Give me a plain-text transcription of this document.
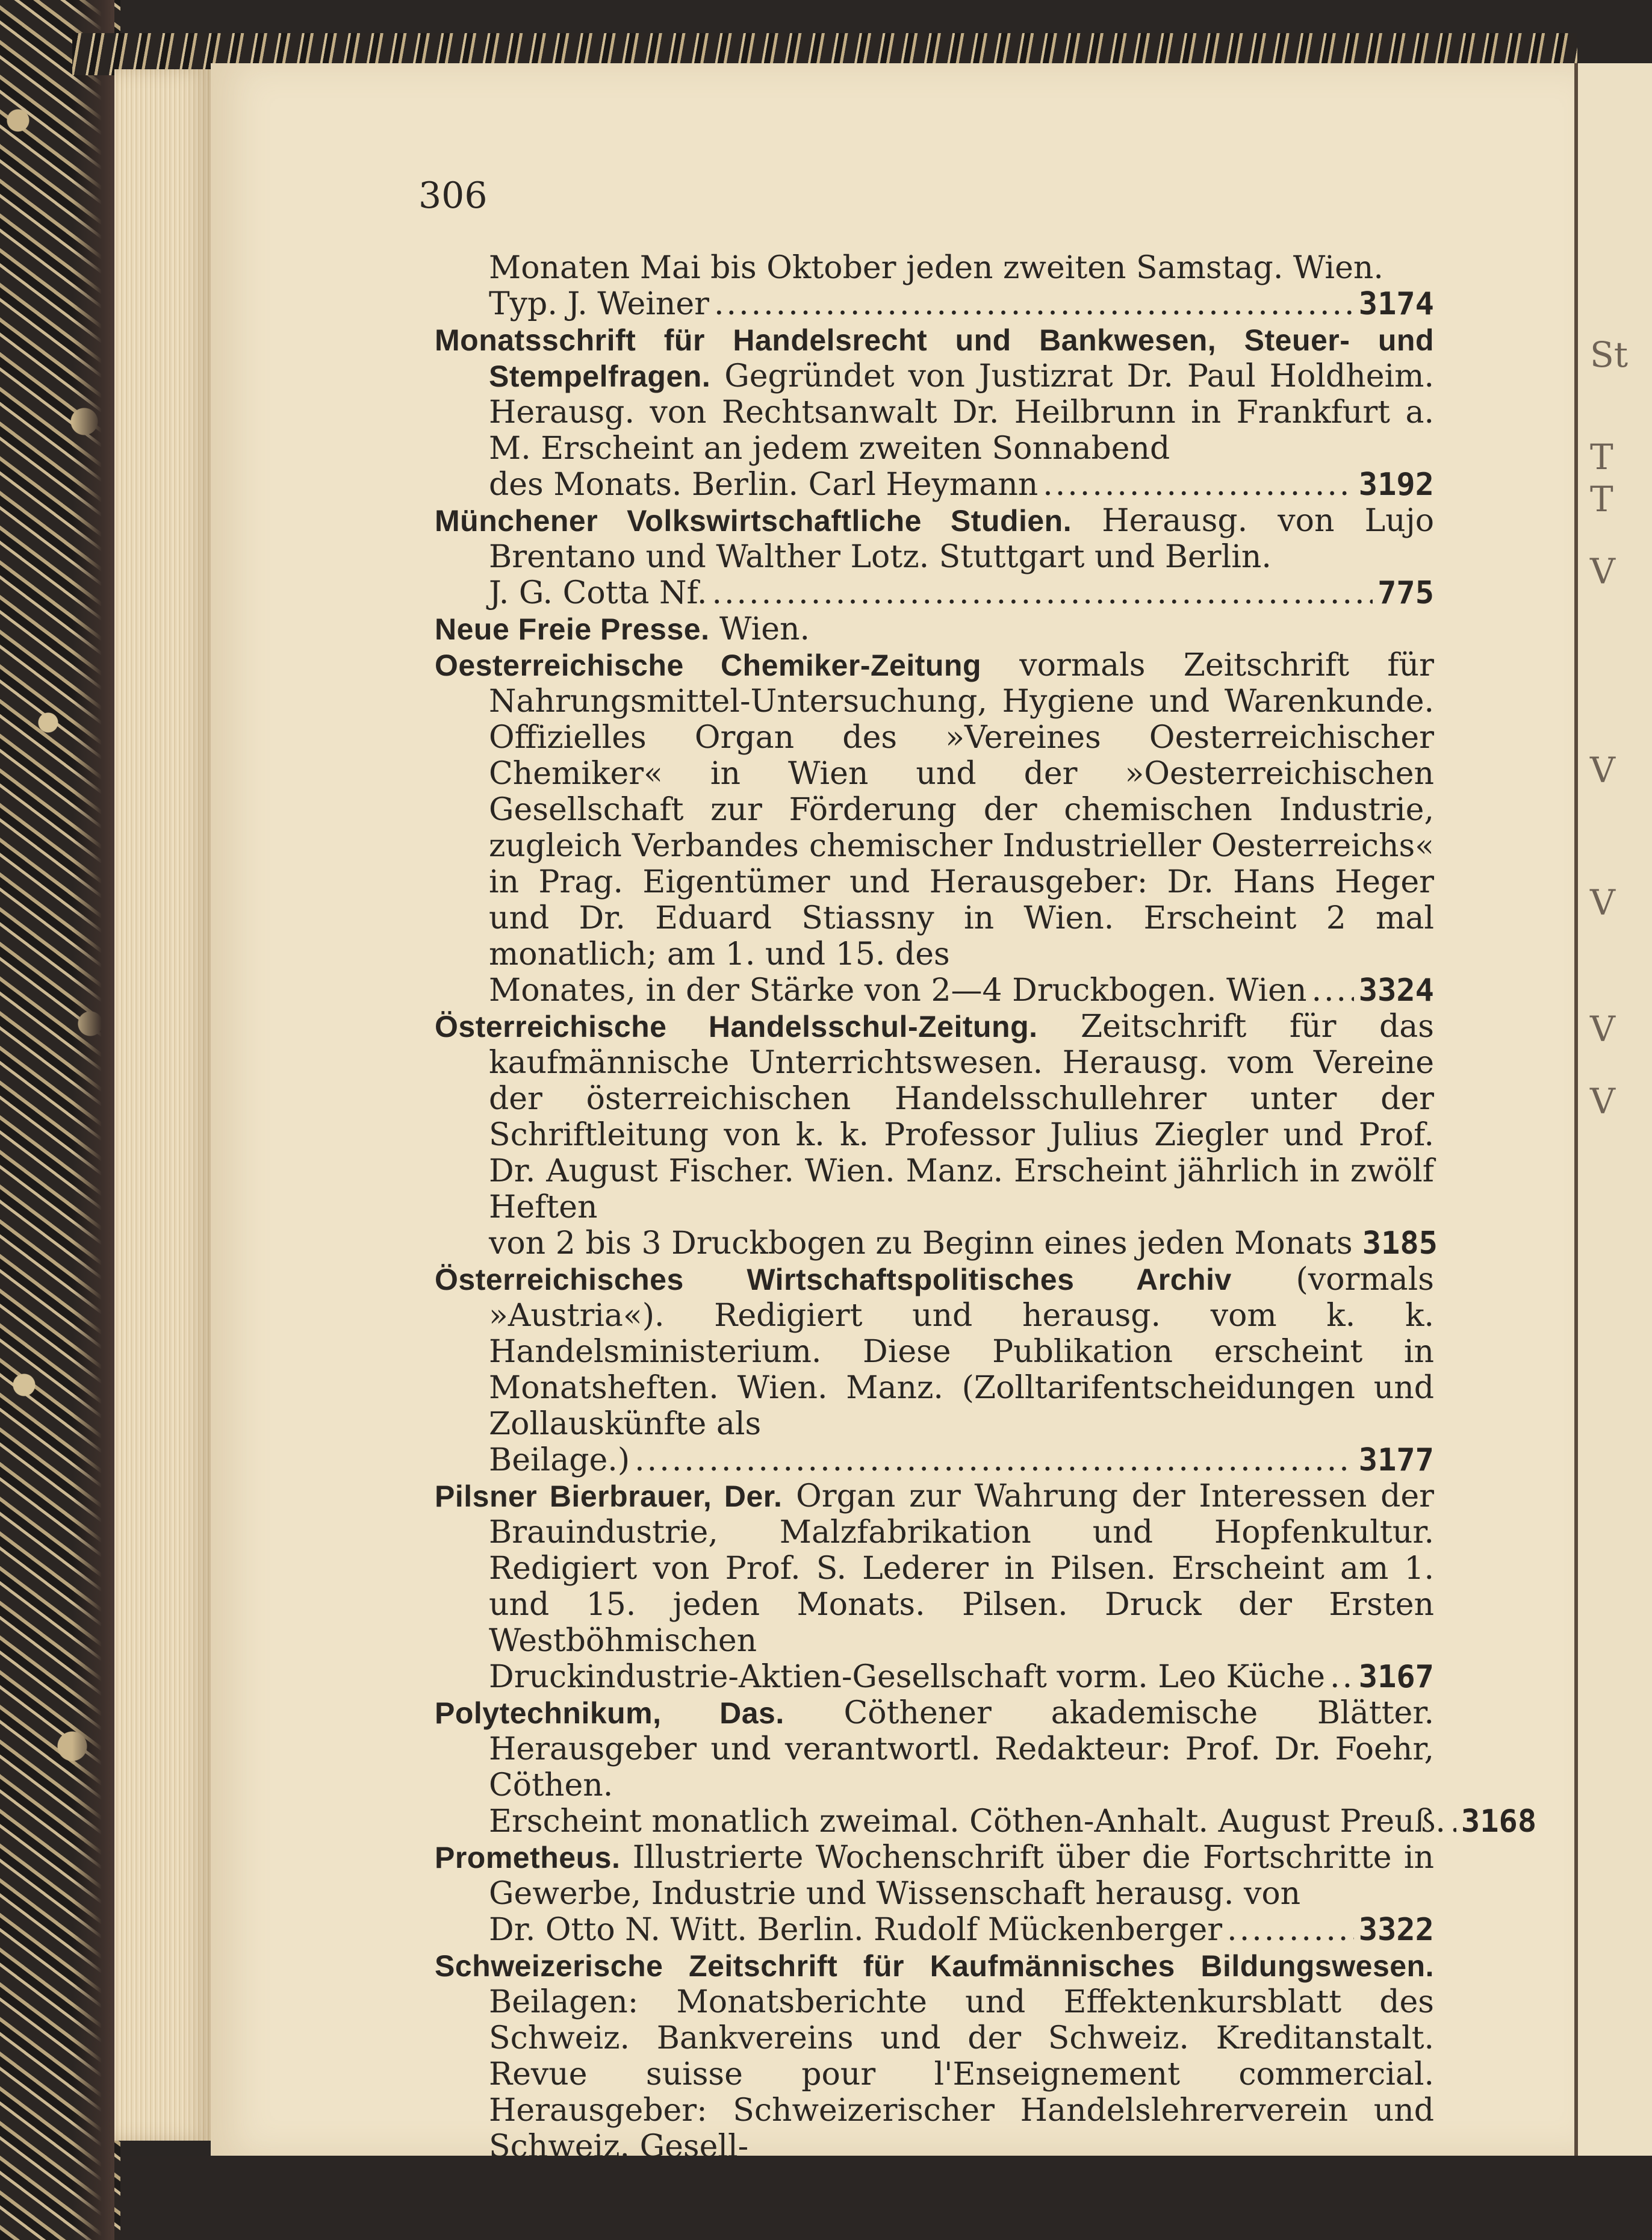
St
T
T
V
V
V
V
V
306
Monaten Mai bis Oktober jeden zweiten Samstag. Wien.
Typ. J. Weiner .....	3174
Monatsschrift für Handelsrecht und Bankwesen, Steuer- und Stempelfragen. Gegründet von Justizrat Dr. Paul Holdheim. Herausg. von Rechtsanwalt Dr. Heilbrunn in Frankfurt a. M. Erscheint an jedem zweiten Sonnabend
des Monats. Berlin. Carl Heymann .....	3192
Münchener Volkswirtschaftliche Studien. Herausg. von Lujo Brentano und Walther Lotz. Stuttgart und Berlin.
J. G. Cotta Nf. .....	775
Neue Freie Presse. Wien.
Oesterreichische Chemiker-Zeitung vormals Zeitschrift für Nahrungsmittel-Untersuchung, Hygiene und Warenkunde. Offizielles Organ des »Vereines Oesterreichischer Chemiker« in Wien und der »Oesterreichischen Gesellschaft zur Förderung der chemischen Industrie, zugleich Verbandes chemischer Industrieller Oesterreichs« in Prag. Eigentümer und Herausgeber: Dr. Hans Heger und Dr. Eduard Stiassny in Wien. Erscheint 2 mal monatlich; am 1. und 15. des
Monates, in der Stärke von 2—4 Druckbogen. Wien ..... 3324
Österreichische Handelsschul-Zeitung. Zeitschrift für das kaufmännische Unterrichtswesen. Herausg. vom Vereine der österreichischen Handelsschullehrer unter der Schriftleitung von k. k. Professor Julius Ziegler und Prof. Dr. August Fischer. Wien. Manz. Erscheint jährlich in zwölf Heften
von 2 bis 3 Druckbogen zu Beginn eines jeden Monats 3185
Österreichisches Wirtschaftspolitisches Archiv (vormals »Austria«). Redigiert und herausg. vom k. k. Handelsministerium. Diese Publikation erscheint in Monatsheften. Wien. Manz. (Zolltarifentscheidungen und Zollauskünfte als
Beilage.) .....	3177
Pilsner Bierbrauer, Der. Organ zur Wahrung der Interessen der Brauindustrie, Malzfabrikation und Hopfenkultur. Redigiert von Prof. S. Lederer in Pilsen. Erscheint am 1. und 15. jeden Monats. Pilsen. Druck der Ersten Westböhmischen
Druckindustrie-Aktien-Gesellschaft vorm. Leo Küche ..... 3167
Polytechnikum, Das. Cöthener akademische Blätter. Herausgeber und verantwortl. Redakteur: Prof. Dr. Foehr, Cöthen.
Erscheint monatlich zweimal. Cöthen-Anhalt. August Preuß. ..... 3168
Prometheus. Illustrierte Wochenschrift über die Fortschritte in Gewerbe, Industrie und Wissenschaft herausg. von
Dr. Otto N. Witt. Berlin. Rudolf Mückenberger .....	3322
Schweizerische Zeitschrift für Kaufmännisches Bildungswesen. Beilagen: Monatsberichte und Effektenkursblatt des Schweiz. Bankvereins und der Schweiz. Kreditanstalt. Revue suisse pour l'Enseignement commercial. Herausgeber: Schweizerischer Handelslehrerverein und Schweiz. Gesell-
